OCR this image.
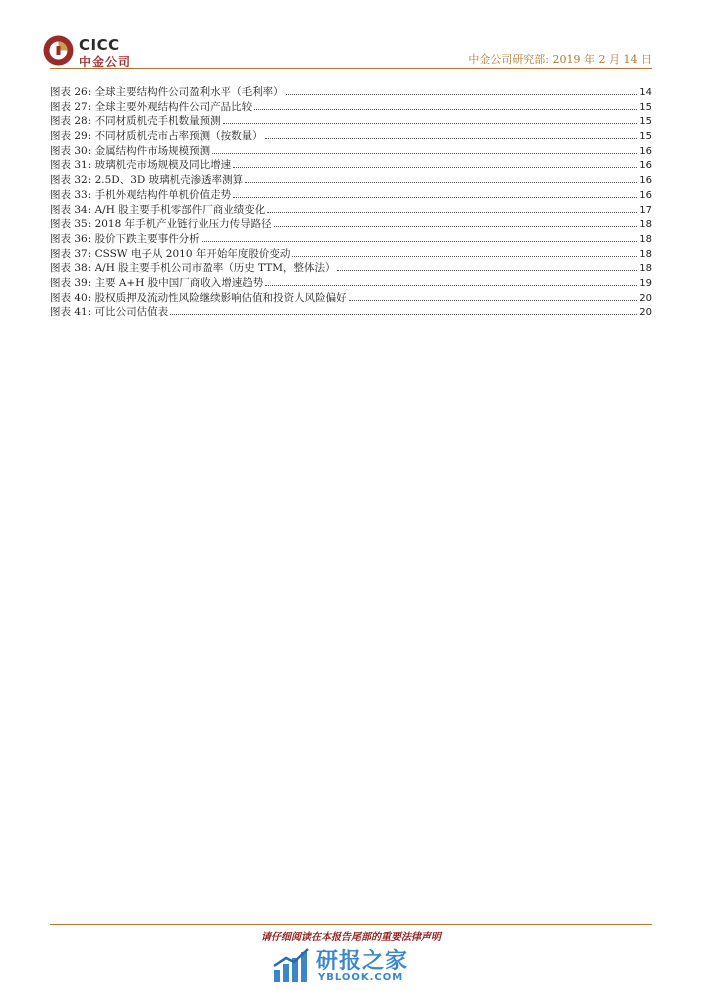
CICC
中金公司	中金公司研究部: 2019 年 2 月 14 日
图表 26: 全球主要结构件公司盈利水平（毛利率）	14
图表 27: 全球主要外观结构件公司产品比较	15
图表 28: 不同材质机壳手机数量预测	15
图表 29: 不同材质机壳市占率预测（按数量）	15
图表 30: 金属结构件市场规模预测	16
图表 31: 玻璃机壳市场规模及同比增速	16
图表 32: 2.5D、3D 玻璃机壳渗透率测算	16
图表 33: 手机外观结构件单机价值走势	16
图表 34: A/H 股主要手机零部件厂商业绩变化	17
图表 35: 2018 年手机产业链行业压力传导路径	18
图表 36: 股价下跌主要事件分析	18
图表 37: CSSW 电子从 2010 年开始年度股价变动	18
图表 38: A/H 股主要手机公司市盈率（历史 TTM，整体法）	18
图表 39: 主要 A+H 股中国厂商收入增速趋势	19
图表 40: 股权质押及流动性风险继续影响估值和投资人风险偏好	20
图表 41: 可比公司估值表	20
请仔细阅读在本报告尾部的重要法律声明
研报之家
YBLOOK.COM
